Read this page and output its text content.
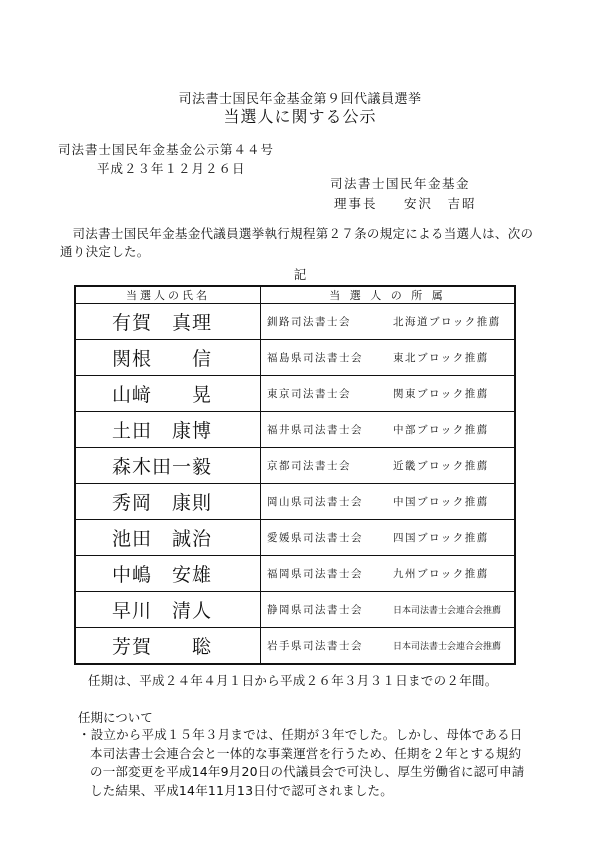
司法書士国民年金基金第９回代議員選挙
当選人に関する公示
司法書士国民年金基金公示第４４号
平成２３年１２月２６日
司法書士国民年金基金
理事長　 安沢　吉昭
司法書士国民年金基金代議員選挙執行規程第２７条の規定による当選人は、次の通り決定した。
記
当選人の氏名	当 選 人 の 所 属
有賀　真理	釧路司法書士会 北海道ブロック推薦
関根　　信	福島県司法書士会 東北ブロック推薦
山﨑　　晃	東京司法書士会 関東ブロック推薦
土田　康博	福井県司法書士会 中部ブロック推薦
森木田一毅	京都司法書士会 近畿ブロック推薦
秀岡　康則	岡山県司法書士会 中国ブロック推薦
池田　誠治	愛媛県司法書士会 四国ブロック推薦
中嶋　安雄	福岡県司法書士会 九州ブロック推薦
早川　清人	静岡県司法書士会 日本司法書士会連合会推薦
芳賀　　聡	岩手県司法書士会 日本司法書士会連合会推薦
任期は、平成２４年４月１日から平成２６年３月３１日までの２年間。
任期について
・設立から平成１５年３月までは、任期が３年でした。しかし、母体である日
本司法書士会連合会と一体的な事業運営を行うため、任期を２年とする規約
の一部変更を平成14年9月20日の代議員会で可決し、厚生労働省に認可申請
した結果、平成14年11月13日付で認可されました。
